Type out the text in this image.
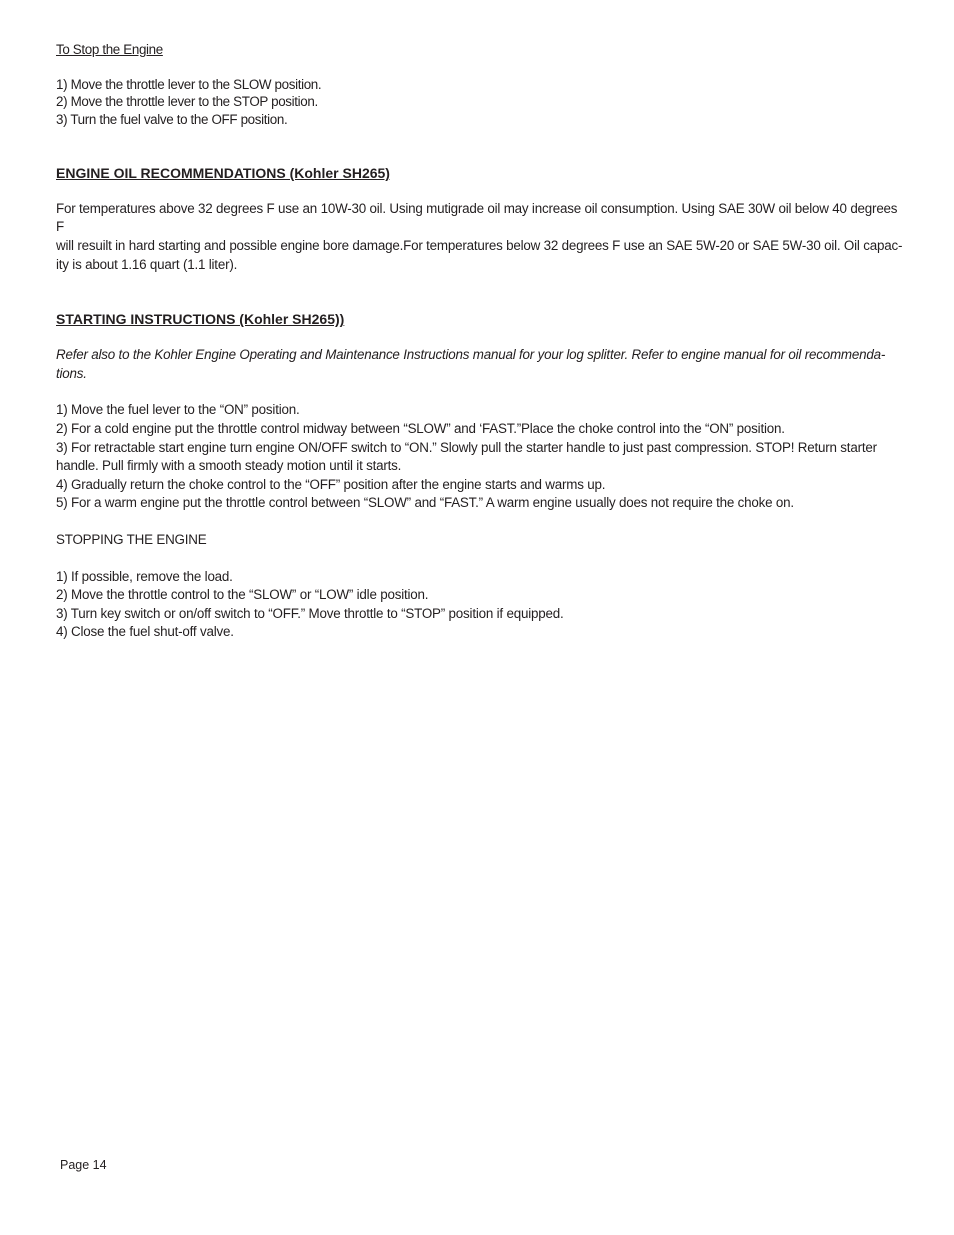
To Stop the Engine

1) Move the throttle lever to the SLOW position.

2) Move the throttle lever to the STOP position.

3) Turn the fuel valve to the OFF position.

ENGINE OIL RECOMMENDATIONS (Kohler SH265)

For temperatures above 32 degrees F use an 10W-30 oil. Using mutigrade oil may increase oil consumption. Using SAE 30W oil below 40 degrees F

will resuilt in hard starting and possible engine bore damage.For temperatures below 32 degrees F use an SAE 5W-20 or SAE 5W-30 oil. Oil capac-

ity is about 1.16 quart (1.1 liter).

STARTING INSTRUCTIONS (Kohler SH265))

Refer also to the Kohler Engine Operating and Maintenance Instructions manual for your log splitter. Refer to engine manual for oil recommenda-

tions.

1) Move the fuel lever to the “ON” position.

2) For a cold engine put the throttle control midway between “SLOW” and ‘FAST.”Place the choke control into the “ON” position.

3) For retractable start engine turn engine ON/OFF switch to “ON.” Slowly pull the starter handle to just past compression. STOP! Return starter

handle. Pull firmly with a smooth steady motion until it starts.

4) Gradually return the choke control to the “OFF” position after the engine starts and warms up.

5) For a warm engine put the throttle control between “SLOW” and “FAST.” A warm engine usually does not require the choke on.

STOPPING THE ENGINE

1) If possible, remove the load.

2) Move the throttle control to the “SLOW” or “LOW” idle position.

3) Turn key switch or on/off switch to “OFF.” Move throttle to “STOP” position if equipped.

4) Close the fuel shut-off valve.

Page 14
